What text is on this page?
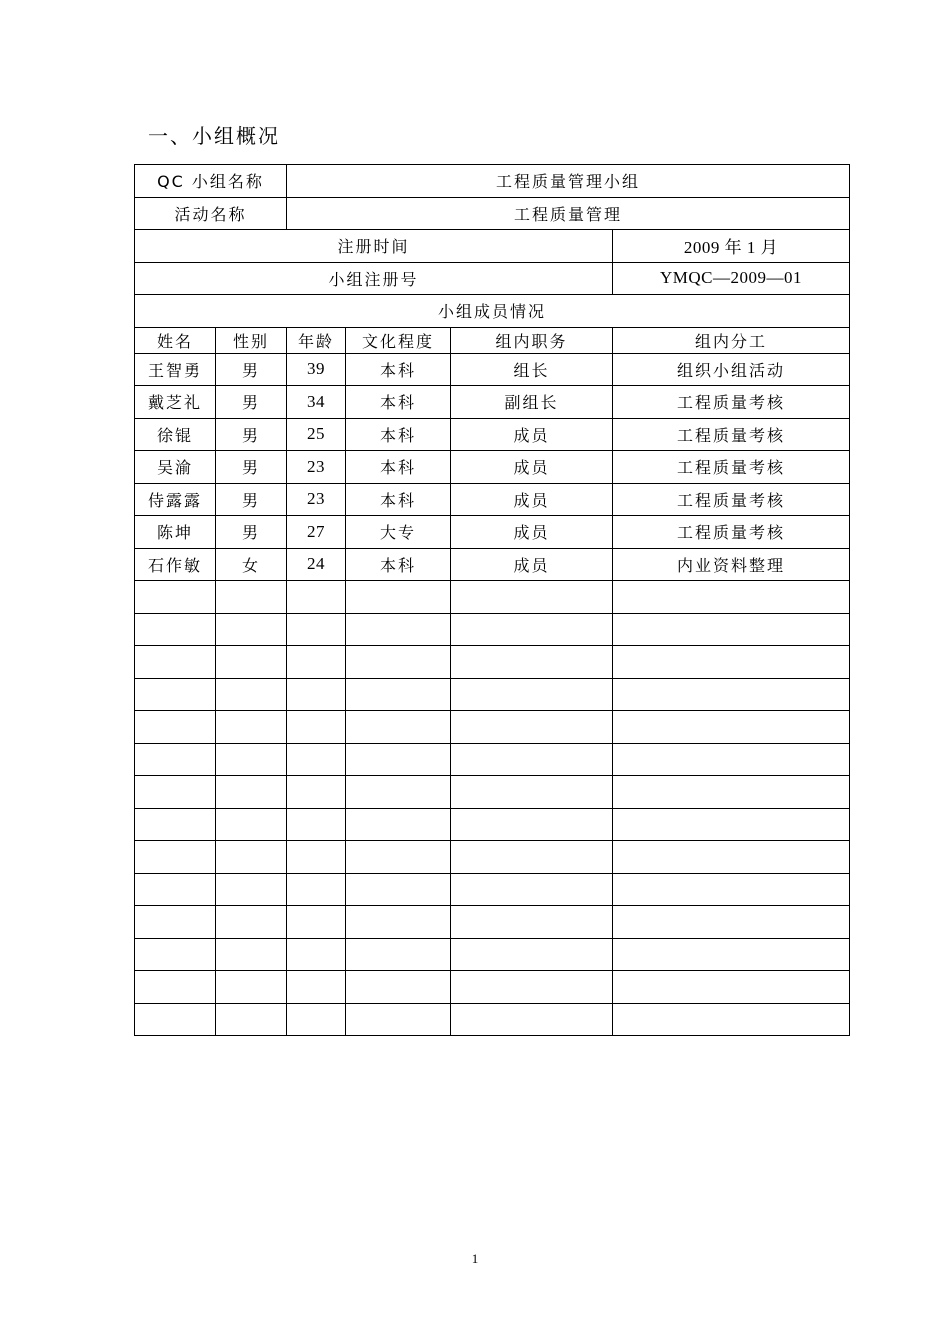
一、小组概况
QC 小组名称		工程质量管理小组			
活动名称		工程质量管理			
注册时间					2009 年 1 月
小组注册号					YMQC—2009—01
小组成员情况					
姓名	性别	年龄	文化程度	组内职务	组内分工
王智勇	男	39	本科	组长	组织小组活动
戴芝礼	男	34	本科	副组长	工程质量考核
徐锟	男	25	本科	成员	工程质量考核
吴渝	男	23	本科	成员	工程质量考核
侍露露	男	23	本科	成员	工程质量考核
陈坤	男	27	大专	成员	工程质量考核
石作敏	女	24	本科	成员	内业资料整理

1
